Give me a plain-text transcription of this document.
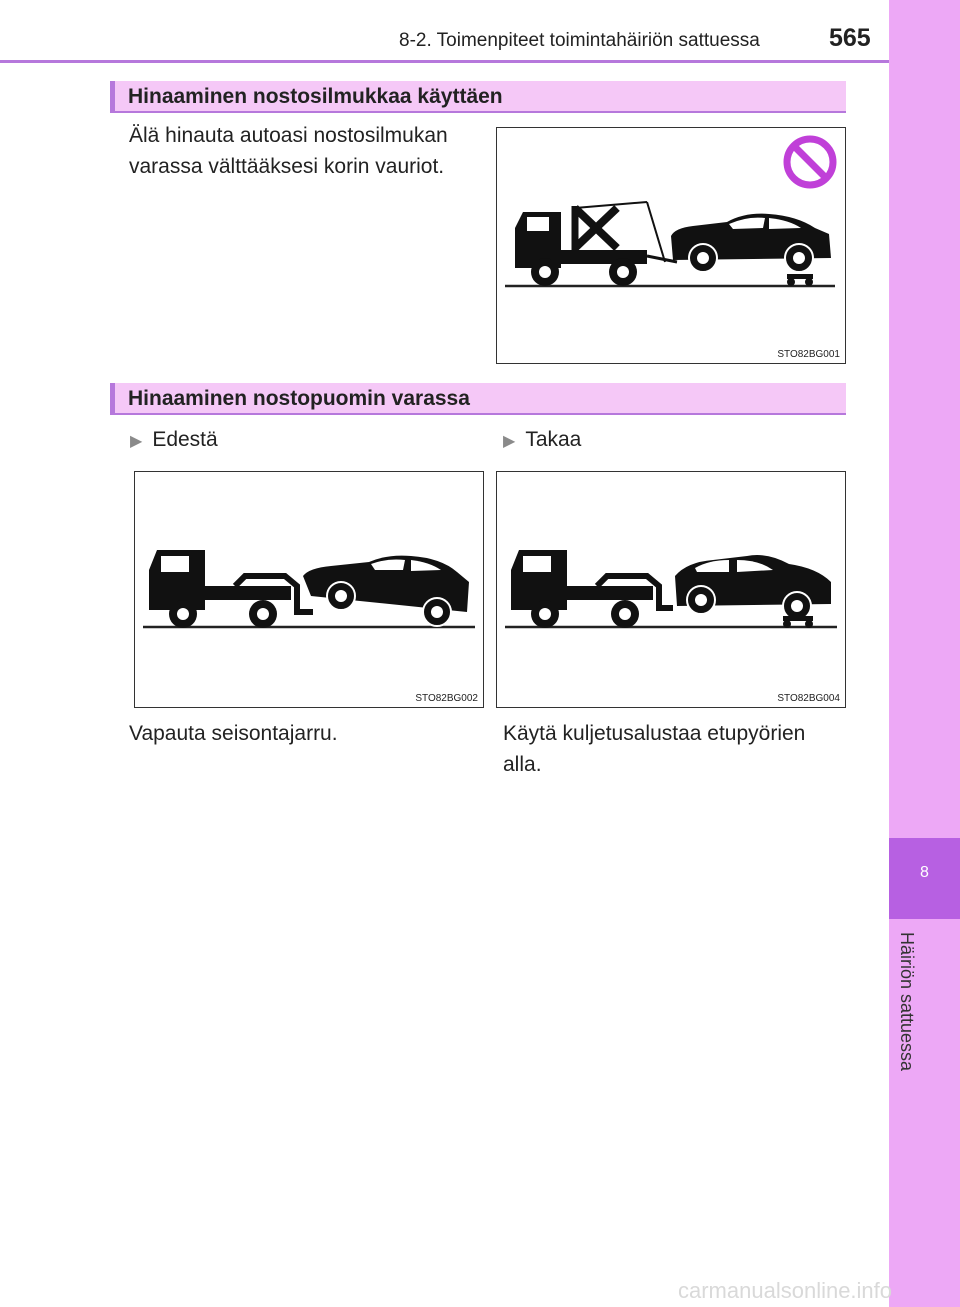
8-2. Toimenpiteet toimintahäiriön sattuessa	565
8
Häiriön sattuessa
Hinaaminen nostosilmukkaa käyttäen
Älä hinauta autoasi nostosilmukan
varassa välttääksesi korin vauriot.
STO82BG001
Hinaaminen nostopuomin varassa
▶ Edestä	▶ Takaa
STO82BG002	STO82BG004
Vapauta seisontajarru.	Käytä kuljetusalustaa etupyörien
alla.
carmanualsonline.info
